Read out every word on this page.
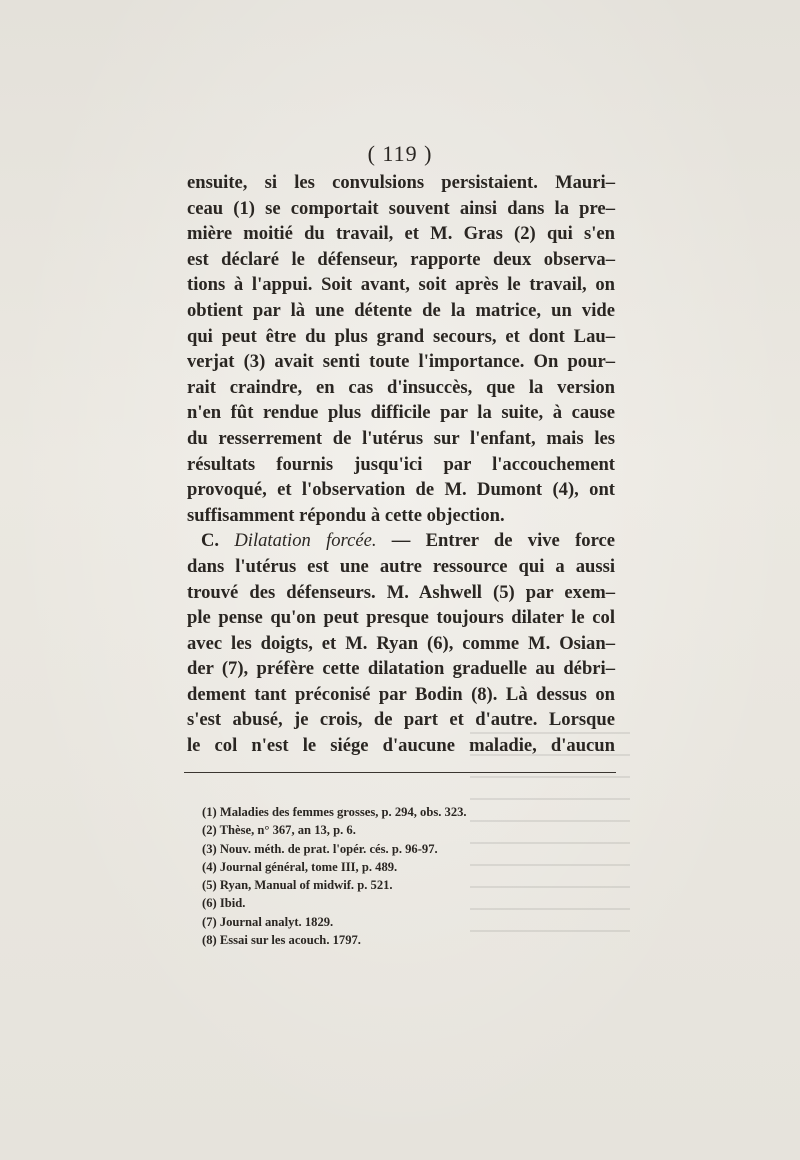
( 119 )
ensuite, si les convulsions persistaient. Mauri–
ceau (1) se comportait souvent ainsi dans la pre–
mière moitié du travail, et M. Gras (2) qui s'en
est déclaré le défenseur, rapporte deux observa–
tions à l'appui. Soit avant, soit après le travail, on
obtient par là une détente de la matrice, un vide
qui peut être du plus grand secours, et dont Lau–
verjat (3) avait senti toute l'importance. On pour–
rait craindre, en cas d'insuccès, que la version
n'en fût rendue plus difficile par la suite, à cause
du resserrement de l'utérus sur l'enfant, mais les
résultats fournis jusqu'ici par l'accouchement
provoqué, et l'observation de M. Dumont (4), ont
suffisamment répondu à cette objection.
C. Dilatation forcée. — Entrer de vive force
dans l'utérus est une autre ressource qui a aussi
trouvé des défenseurs. M. Ashwell (5) par exem–
ple pense qu'on peut presque toujours dilater le col
avec les doigts, et M. Ryan (6), comme M. Osian–
der (7), préfère cette dilatation graduelle au débri–
dement tant préconisé par Bodin (8). Là dessus on
s'est abusé, je crois, de part et d'autre. Lorsque
le col n'est le siége d'aucune maladie, d'aucun
(1) Maladies des femmes grosses, p. 294, obs. 323.
(2) Thèse, n° 367, an 13, p. 6.
(3) Nouv. méth. de prat. l'opér. cés. p. 96-97.
(4) Journal général, tome III, p. 489.
(5) Ryan, Manual of midwif. p. 521.
(6) Ibid.
(7) Journal analyt. 1829.
(8) Essai sur les acouch. 1797.
